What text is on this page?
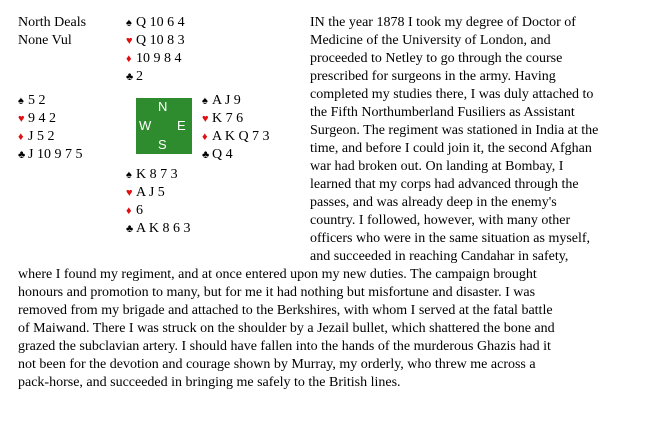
North Deals
None Vul
♠ Q 10 6 4
♥ Q 10 8 3
♦ 10 9 8 4
♣ 2
♠ 5 2
♥ 9 4 2
♦ J 5 2
♣ J 10 9 7 5
N
W E
S
♠ A J 9
♥ K 7 6
♦ A K Q 7 3
♣ Q 4
♠ K 8 7 3
♥ A J 5
♦ 6
♣ A K 8 6 3
IN the year 1878 I took my degree of Doctor of
Medicine of the University of London, and
proceeded to Netley to go through the course
prescribed for surgeons in the army. Having
completed my studies there, I was duly attached to
the Fifth Northumberland Fusiliers as Assistant
Surgeon. The regiment was stationed in India at the
time, and before I could join it, the second Afghan
war had broken out. On landing at Bombay, I
learned that my corps had advanced through the
passes, and was already deep in the enemy's
country. I followed, however, with many other
officers who were in the same situation as myself,
and succeeded in reaching Candahar in safety,
where I found my regiment, and at once entered upon my new duties. The campaign brought
honours and promotion to many, but for me it had nothing but misfortune and disaster. I was
removed from my brigade and attached to the Berkshires, with whom I served at the fatal battle
of Maiwand. There I was struck on the shoulder by a Jezail bullet, which shattered the bone and
grazed the subclavian artery. I should have fallen into the hands of the murderous Ghazis had it
not been for the devotion and courage shown by Murray, my orderly, who threw me across a
pack-horse, and succeeded in bringing me safely to the British lines.
